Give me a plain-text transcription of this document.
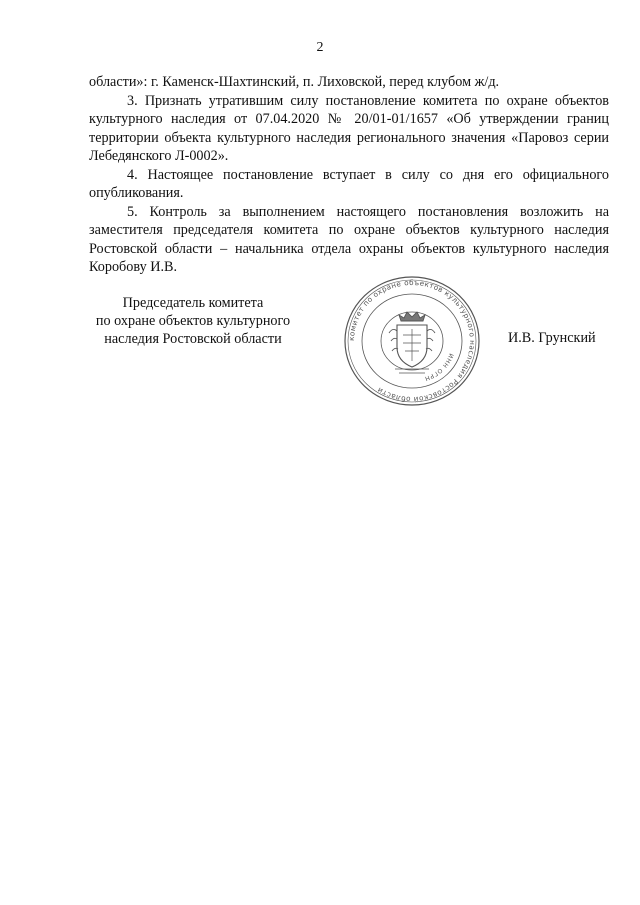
2

области»: г. Каменск-Шахтинский, п. Лиховской, перед клубом ж/д.

3. Признать утратившим силу постановление комитета по охране объектов культурного наследия от 07.04.2020 № 20/01-01/1657 «Об утверждении границ территории объекта культурного наследия регионального значения «Паровоз серии Лебедянского Л-0002».

4. Настоящее постановление вступает в силу со дня его официального опубликования.

5. Контроль за выполнением настоящего постановления возложить на заместителя председателя комитета по охране объектов культурного наследия Ростовской области – начальника отдела охраны объектов культурного наследия Коробову И.В.

Председатель комитета
по охране объектов культурного
наследия Ростовской области	комитет по охране объектов культурного наследия Ростовской области
ИНН ОГРН
И.В. Грунский
